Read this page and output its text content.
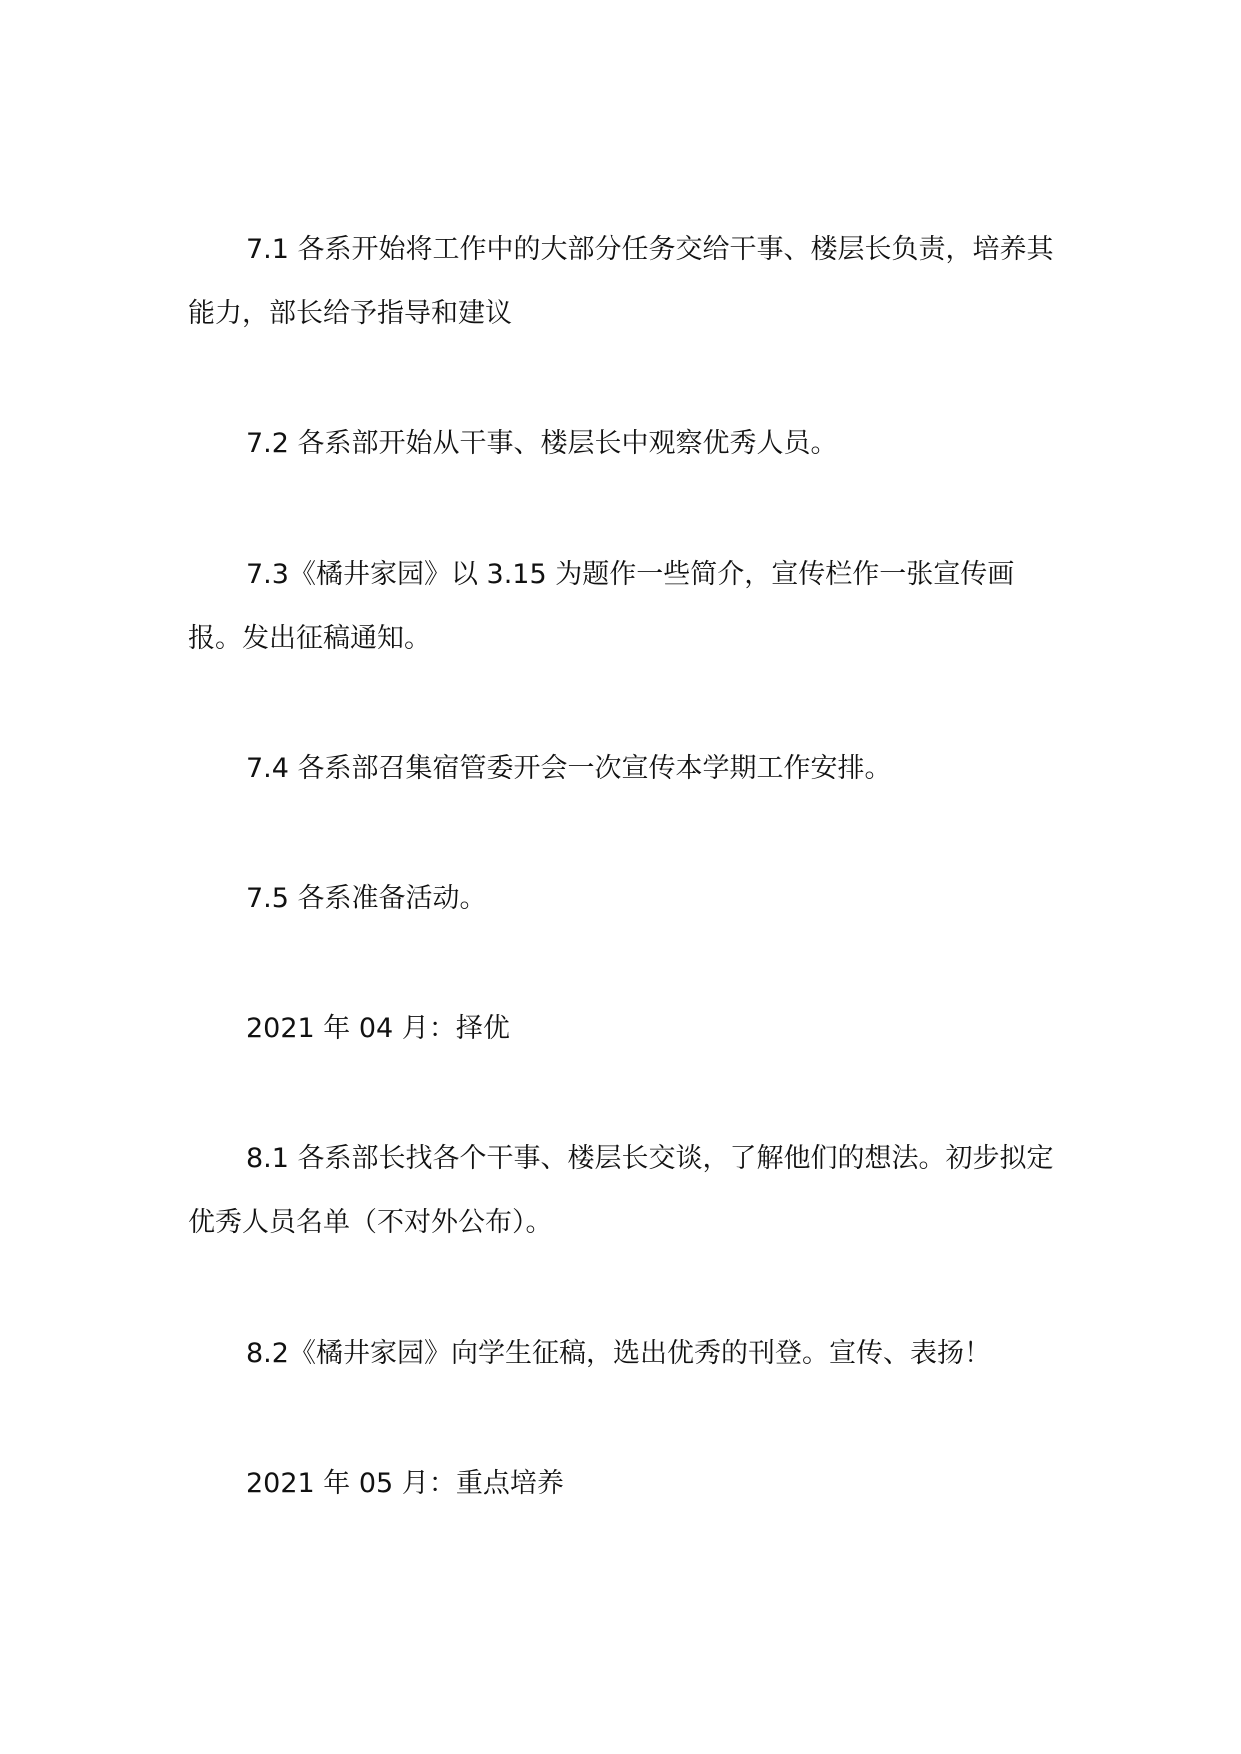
7.1 各系开始将工作中的大部分任务交给干事、楼层长负责，培养其能力，部长给予指导和建议

7.2 各系部开始从干事、楼层长中观察优秀人员。

7.3《橘井家园》以 3.15 为题作一些简介，宣传栏作一张宣传画报。发出征稿通知。

7.4 各系部召集宿管委开会一次宣传本学期工作安排。

7.5 各系准备活动。

2021 年 04 月：择优

8.1 各系部长找各个干事、楼层长交谈，了解他们的想法。初步拟定优秀人员名单（不对外公布）。

8.2《橘井家园》向学生征稿，选出优秀的刊登。宣传、表扬！

2021 年 05 月：重点培养
